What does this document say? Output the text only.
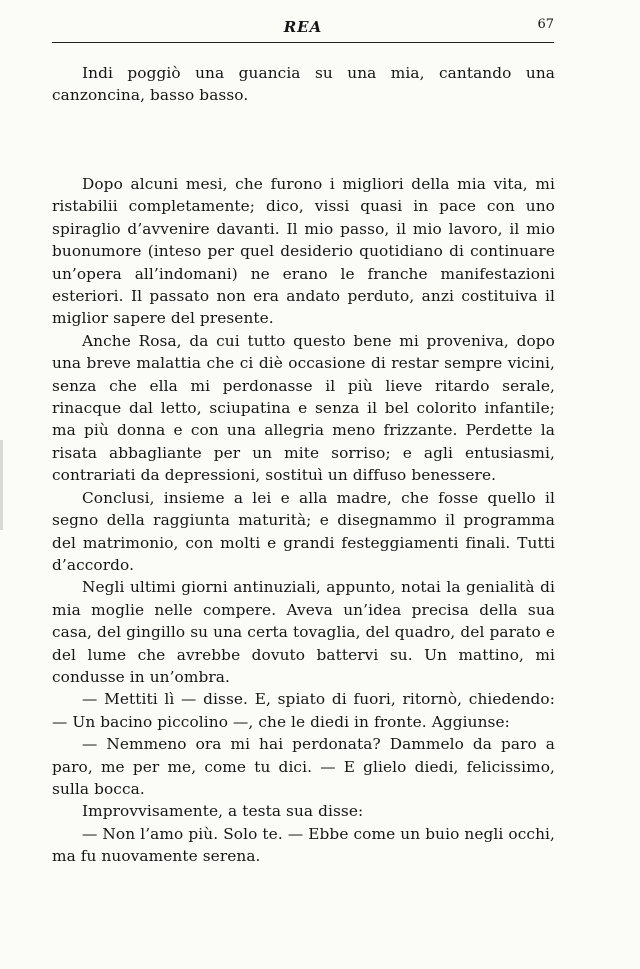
REA	67

Indi poggiò una guancia su una mia, cantando una canzoncina, basso basso.

Dopo alcuni mesi, che furono i migliori della mia vita, mi ristabilii completamente; dico, vissi quasi in pace con uno spiraglio d’avvenire davanti. Il mio passo, il mio lavoro, il mio buonumore (inteso per quel desiderio quotidiano di continuare un’opera all’indomani) ne erano le franche manifestazioni esteriori. Il passato non era andato perduto, anzi costituiva il miglior sapere del presente.

Anche Rosa, da cui tutto questo bene mi proveniva, dopo una breve malattia che ci diè occasione di restar sempre vicini, senza che ella mi perdonasse il più lieve ritardo serale, rinacque dal letto, sciupatina e senza il bel colorito infantile; ma più donna e con una allegria meno frizzante. Perdette la risata abbagliante per un mite sorriso; e agli entusiasmi, contrariati da depressioni, sostituì un diffuso benessere.

Conclusi, insieme a lei e alla madre, che fosse quello il segno della raggiunta maturità; e disegnammo il programma del matrimonio, con molti e grandi festeggiamenti finali. Tutti d’accordo.

Negli ultimi giorni antinuziali, appunto, notai la genialità di mia moglie nelle compere. Aveva un’idea precisa della sua casa, del gingillo su una certa tovaglia, del quadro, del parato e del lume che avrebbe dovuto battervi su. Un mattino, mi condusse in un’ombra.

— Mettiti lì — disse. E, spiato di fuori, ritornò, chiedendo: — Un bacino piccolino —, che le diedi in fronte. Aggiunse:

— Nemmeno ora mi hai perdonata? Dammelo da paro a paro, me per me, come tu dici. — E glielo diedi, felicissimo, sulla bocca.

Improvvisamente, a testa sua disse:

— Non l’amo più. Solo te. — Ebbe come un buio negli occhi, ma fu nuovamente serena.
